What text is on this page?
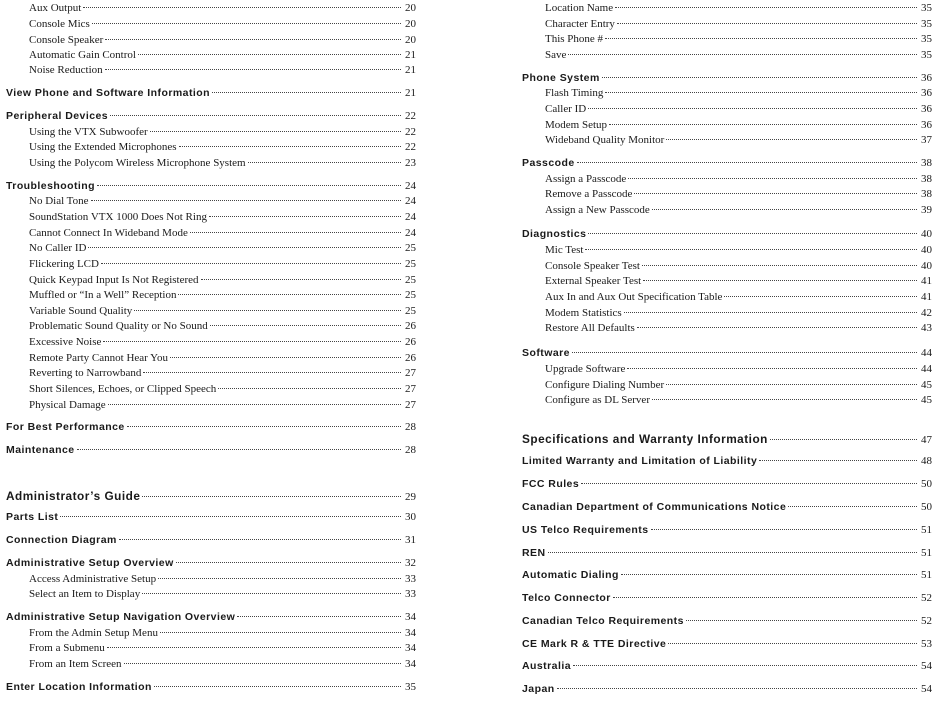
Aux Output	20
Console Mics	20
Console Speaker	20
Automatic Gain Control	21
Noise Reduction	21
View Phone and Software Information	21
Peripheral Devices	22
Using the VTX Subwoofer	22
Using the Extended Microphones	22
Using the Polycom Wireless Microphone System	23
Troubleshooting	24
No Dial Tone	24
SoundStation VTX 1000 Does Not Ring	24
Cannot Connect In Wideband Mode	24
No Caller ID	25
Flickering LCD	25
Quick Keypad Input Is Not Registered	25
Muffled or “In a Well” Reception	25
Variable Sound Quality	25
Problematic Sound Quality or No Sound	26
Excessive Noise	26
Remote Party Cannot Hear You	26
Reverting to Narrowband	27
Short Silences, Echoes, or Clipped Speech	27
Physical Damage	27
For Best Performance	28
Maintenance	28
Administrator’s Guide	29
Parts List	30
Connection Diagram	31
Administrative Setup Overview	32
Access Administrative Setup	33
Select an Item to Display	33
Administrative Setup Navigation Overview	34
From the Admin Setup Menu	34
From a Submenu	34
From an Item Screen	34
Enter Location Information	35
Location Name	35
Character Entry	35
This Phone #	35
Save	35
Phone System	36
Flash Timing	36
Caller ID	36
Modem Setup	36
Wideband Quality Monitor	37
Passcode	38
Assign a Passcode	38
Remove a Passcode	38
Assign a New Passcode	39
Diagnostics	40
Mic Test	40
Console Speaker Test	40
External Speaker Test	41
Aux In and Aux Out Specification Table	41
Modem Statistics	42
Restore All Defaults	43
Software	44
Upgrade Software	44
Configure Dialing Number	45
Configure as DL Server	45
Specifications and Warranty Information	47
Limited Warranty and Limitation of Liability	48
FCC Rules	50
Canadian Department of Communications Notice	50
US Telco Requirements	51
REN	51
Automatic Dialing	51
Telco Connector	52
Canadian Telco Requirements	52
CE Mark R & TTE Directive	53
Australia	54
Japan	54
